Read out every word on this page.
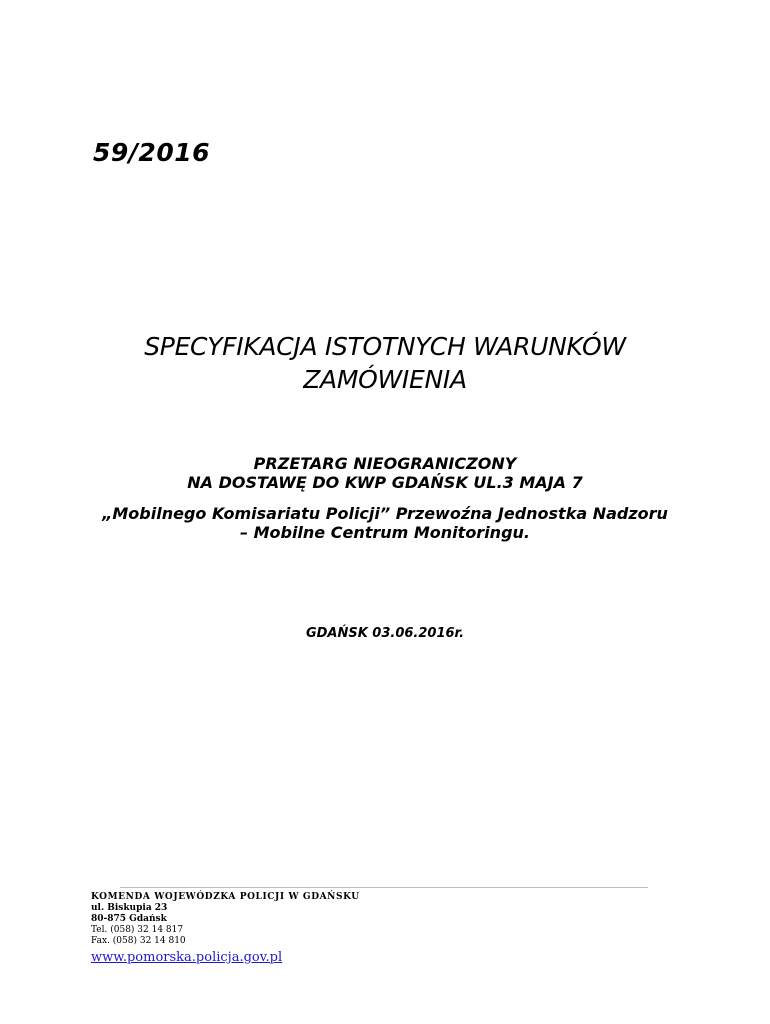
59/2016
SPECYFIKACJA ISTOTNYCH WARUNKÓW
ZAMÓWIENIA
PRZETARG NIEOGRANICZONY
NA DOSTAWĘ DO KWP GDAŃSK UL.3 MAJA 7
„Mobilnego Komisariatu Policji” Przewoźna Jednostka Nadzoru
– Mobilne Centrum Monitoringu.
GDAŃSK 03.06.2016r.
KOMENDA WOJEWÓDZKA POLICJI W GDAŃSKU
ul. Biskupia 23
80-875 Gdańsk
Tel. (058) 32 14 817
Fax. (058) 32 14 810
www.pomorska.policja.gov.pl
